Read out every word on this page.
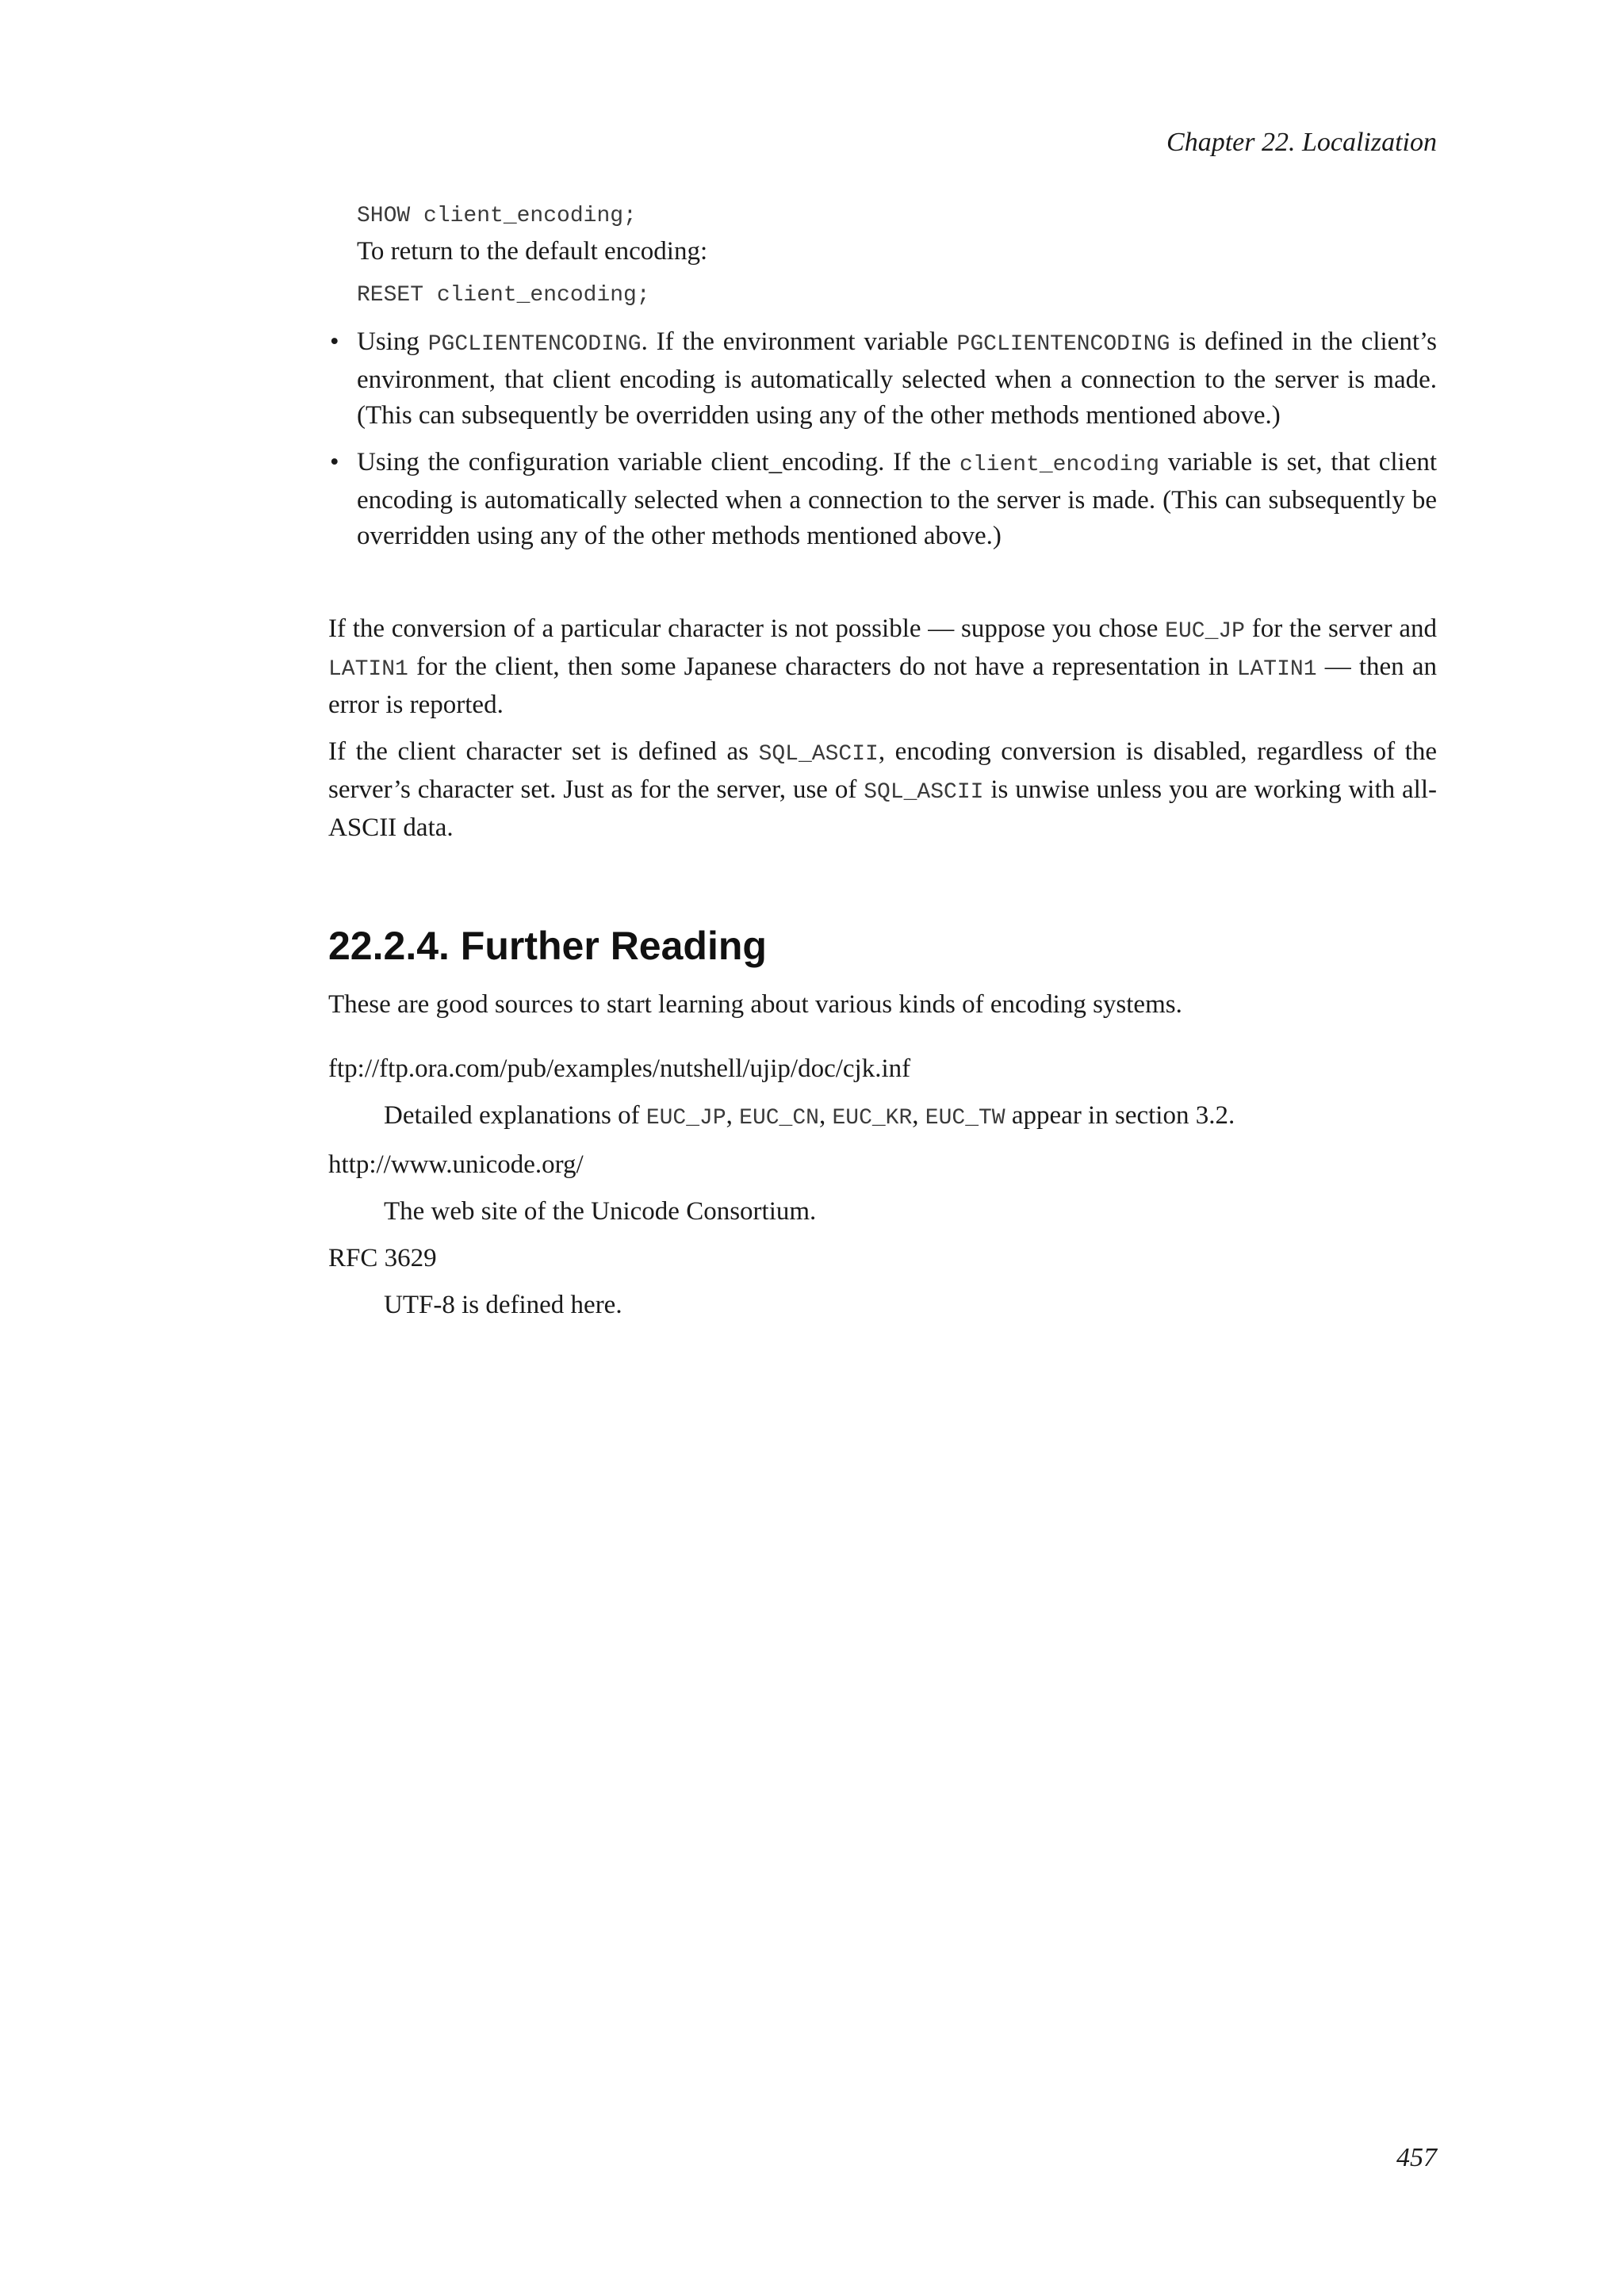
Chapter 22. Localization
SHOW client_encoding;

To return to the default encoding:

RESET client_encoding;
• Using PGCLIENTENCODING. If the environment variable PGCLIENTENCODING is defined in the client’s environment, that client encoding is automatically selected when a connection to the server is made. (This can subsequently be overridden using any of the other methods mentioned above.)
• Using the configuration variable client_encoding. If the client_encoding variable is set, that client encoding is automatically selected when a connection to the server is made. (This can subsequently be overridden using any of the other methods mentioned above.)

If the conversion of a particular character is not possible — suppose you chose EUC_JP for the server and LATIN1 for the client, then some Japanese characters do not have a representation in LATIN1 — then an error is reported.

If the client character set is defined as SQL_ASCII, encoding conversion is disabled, regardless of the server’s character set. Just as for the server, use of SQL_ASCII is unwise unless you are working with all-ASCII data.

22.2.4. Further Reading

These are good sources to start learning about various kinds of encoding systems.

ftp://ftp.ora.com/pub/examples/nutshell/ujip/doc/cjk.inf
Detailed explanations of EUC_JP, EUC_CN, EUC_KR, EUC_TW appear in section 3.2.
http://www.unicode.org/
The web site of the Unicode Consortium.
RFC 3629
UTF-8 is defined here.
457
